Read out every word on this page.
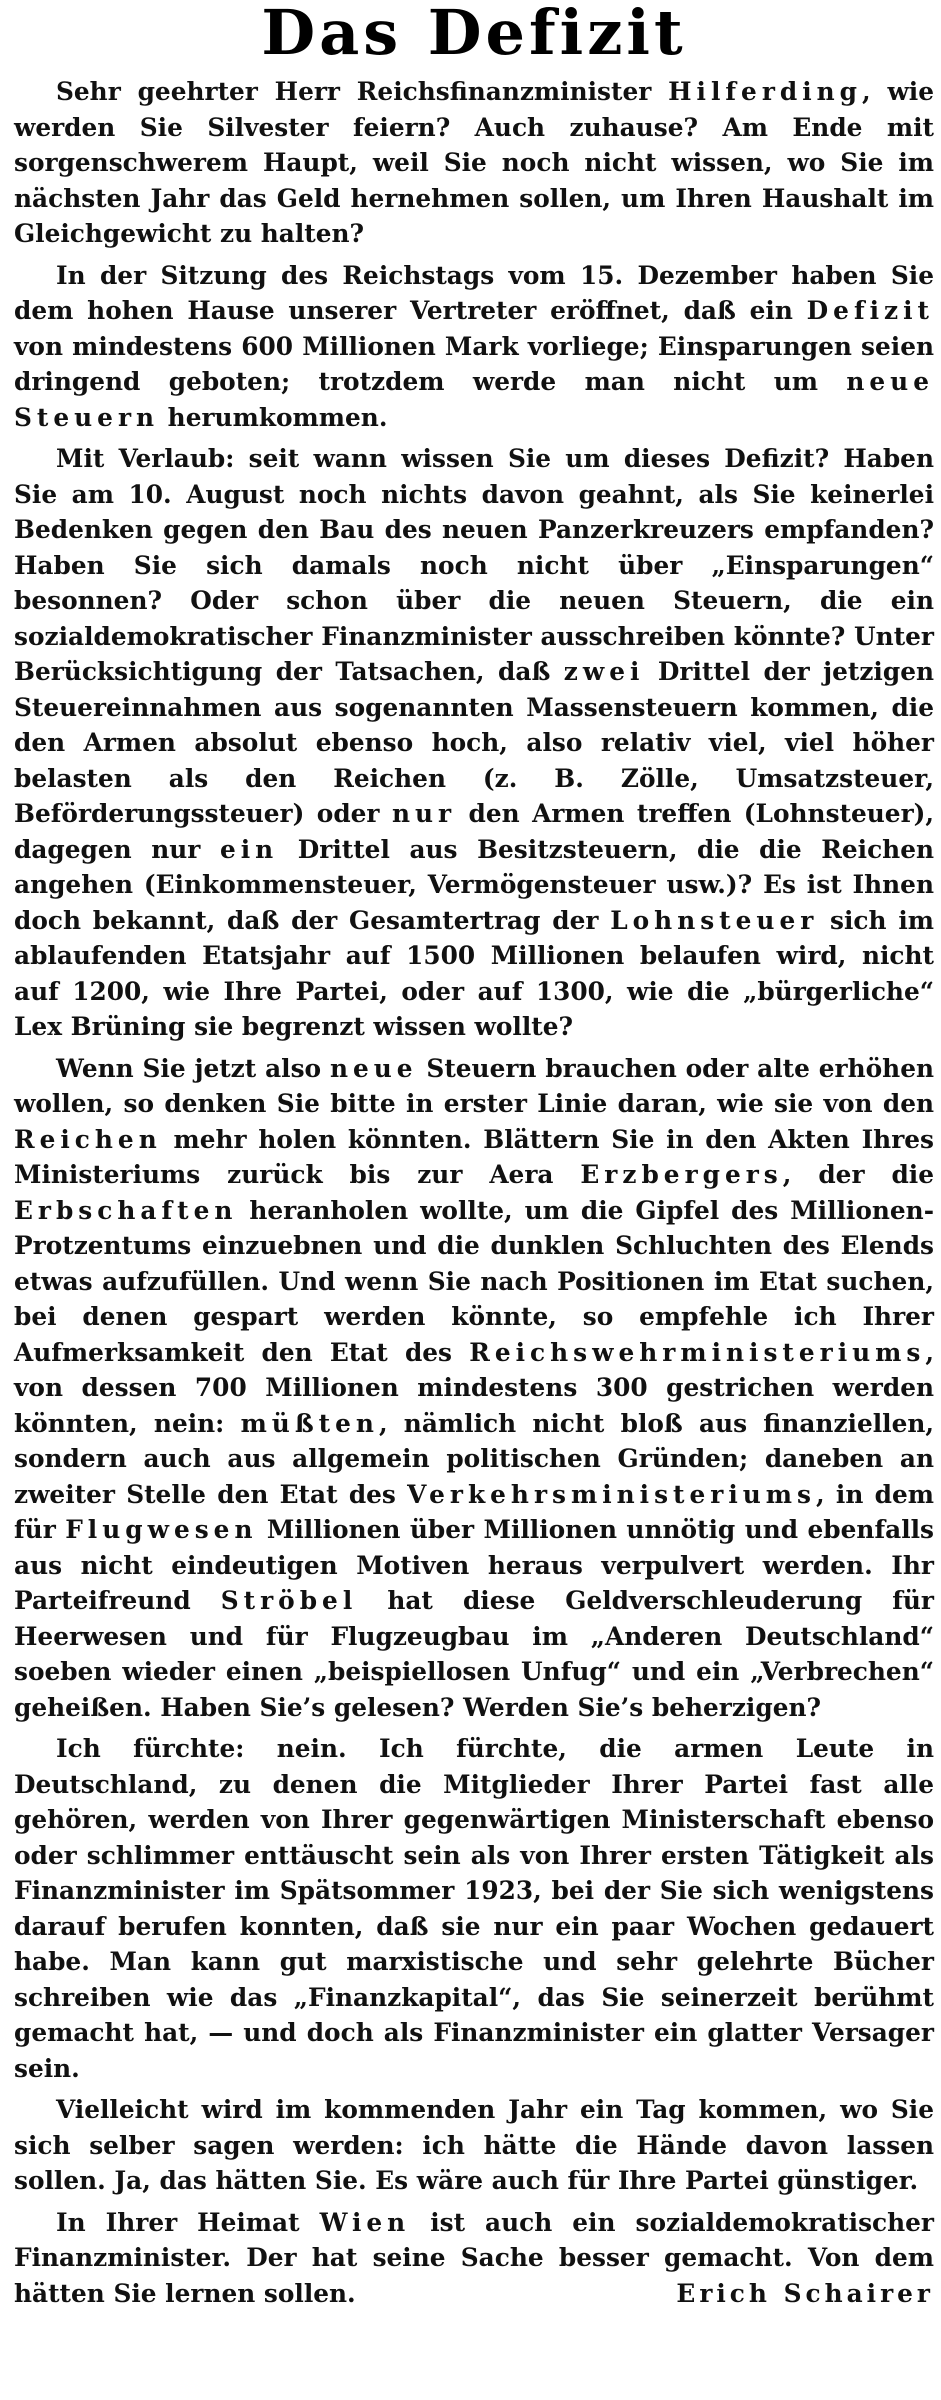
Das Defizit

Sehr geehrter Herr Reichsfinanzminister Hilferding, wie werden Sie Silvester feiern? Auch zuhause? Am Ende mit sorgenschwerem Haupt, weil Sie noch nicht wissen, wo Sie im nächsten Jahr das Geld hernehmen sollen, um Ihren Haushalt im Gleichgewicht zu halten?

In der Sitzung des Reichstags vom 15. Dezember haben Sie dem hohen Hause unserer Vertreter eröffnet, daß ein Defizit von mindestens 600 Millionen Mark vorliege; Einsparungen seien dringend geboten; trotzdem werde man nicht um neue Steuern herumkommen.

Mit Verlaub: seit wann wissen Sie um dieses Defizit? Haben Sie am 10. August noch nichts davon geahnt, als Sie keinerlei Bedenken gegen den Bau des neuen Panzerkreuzers empfanden? Haben Sie sich damals noch nicht über „Einsparungen“ besonnen? Oder schon über die neuen Steuern, die ein sozialdemokratischer Finanzminister ausschreiben könnte? Unter Berücksichtigung der Tatsachen, daß zwei Drittel der jetzigen Steuereinnahmen aus sogenannten Massensteuern kommen, die den Armen absolut ebenso hoch, also relativ viel, viel höher belasten als den Reichen (z. B. Zölle, Umsatzsteuer, Beförderungssteuer) oder nur den Armen treffen (Lohnsteuer), dagegen nur ein Drittel aus Besitzsteuern, die die Reichen angehen (Einkommensteuer, Vermögensteuer usw.)? Es ist Ihnen doch bekannt, daß der Gesamtertrag der Lohnsteuer sich im ablaufenden Etatsjahr auf 1500 Millionen belaufen wird, nicht auf 1200, wie Ihre Partei, oder auf 1300, wie die „bürgerliche“ Lex Brüning sie begrenzt wissen wollte?

Wenn Sie jetzt also neue Steuern brauchen oder alte erhöhen wollen, so denken Sie bitte in erster Linie daran, wie sie von den Reichen mehr holen könnten. Blättern Sie in den Akten Ihres Ministeriums zurück bis zur Aera Erzbergers, der die Erbschaften heranholen wollte, um die Gipfel des Millionen-Protzentums einzuebnen und die dunklen Schluchten des Elends etwas aufzufüllen. Und wenn Sie nach Positionen im Etat suchen, bei denen gespart werden könnte, so empfehle ich Ihrer Aufmerksamkeit den Etat des Reichswehrministeriums, von dessen 700 Millionen mindestens 300 gestrichen werden könnten, nein: müßten, nämlich nicht bloß aus finanziellen, sondern auch aus allgemein politischen Gründen; daneben an zweiter Stelle den Etat des Verkehrsministeriums, in dem für Flugwesen Millionen über Millionen unnötig und ebenfalls aus nicht eindeutigen Motiven heraus verpulvert werden. Ihr Parteifreund Ströbel hat diese Geldverschleuderung für Heerwesen und für Flugzeugbau im „Anderen Deutschland“ soeben wieder einen „beispiellosen Unfug“ und ein „Verbrechen“ geheißen. Haben Sie’s gelesen? Werden Sie’s beherzigen?

Ich fürchte: nein. Ich fürchte, die armen Leute in Deutschland, zu denen die Mitglieder Ihrer Partei fast alle gehören, werden von Ihrer gegenwärtigen Ministerschaft ebenso oder schlimmer enttäuscht sein als von Ihrer ersten Tätigkeit als Finanzminister im Spätsommer 1923, bei der Sie sich wenigstens darauf berufen konnten, daß sie nur ein paar Wochen gedauert habe. Man kann gut marxistische und sehr gelehrte Bücher schreiben wie das „Finanzkapital“, das Sie seinerzeit berühmt gemacht hat, — und doch als Finanzminister ein glatter Versager sein.

Vielleicht wird im kommenden Jahr ein Tag kommen, wo Sie sich selber sagen werden: ich hätte die Hände davon lassen sollen. Ja, das hätten Sie. Es wäre auch für Ihre Partei günstiger.

In Ihrer Heimat Wien ist auch ein sozialdemokratischer Finanzminister. Der hat seine Sache besser gemacht. Von dem hätten Sie lernen sollen.	Erich Schairer
